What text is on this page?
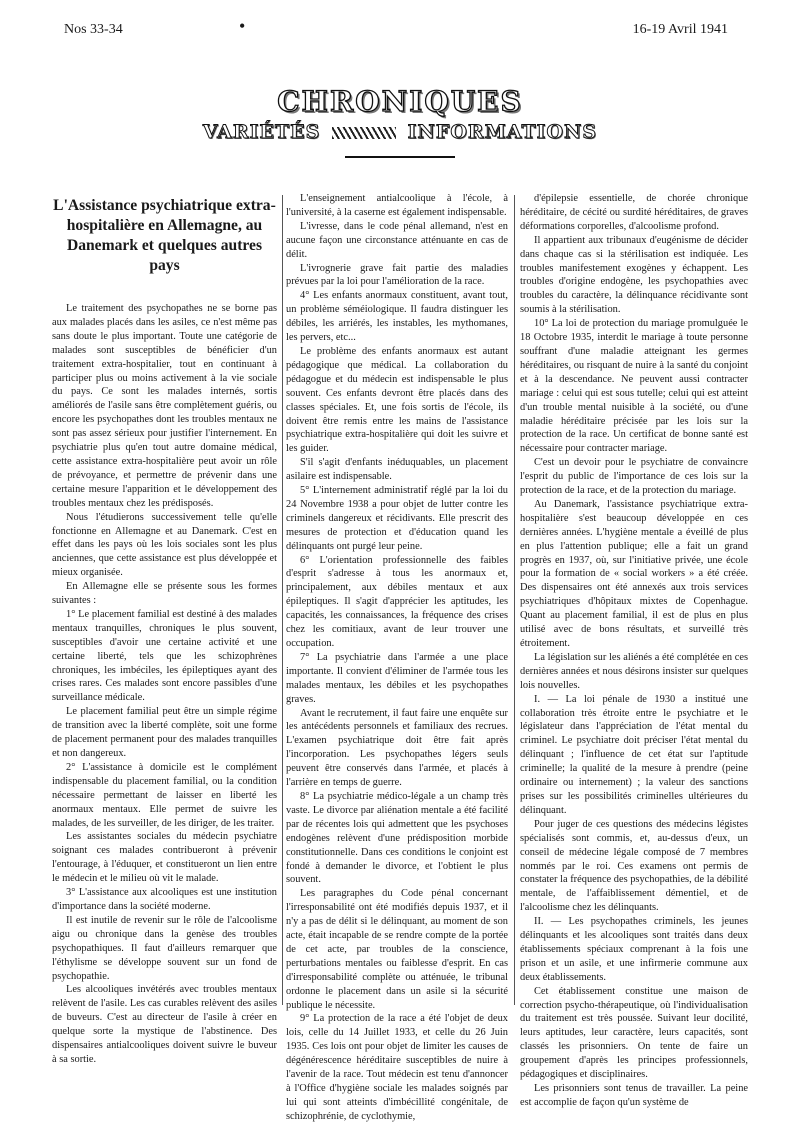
Nos 33-34	•	16-19 Avril 1941
CHRONIQUES
VARIÉTÉS	INFORMATIONS

L'Assistance psychiatrique extra-hospitalière en Allemagne, au Danemark et quelques autres pays

Le traitement des psychopathes ne se borne pas aux malades placés dans les asiles, ce n'est même pas sans doute le plus important. Toute une catégorie de malades sont susceptibles de bénéficier d'un traitement extra-hospitalier, tout en continuant à participer plus ou moins activement à la vie sociale du pays. Ce sont les malades internés, sortis améliorés de l'asile sans être complètement guéris, ou encore les psychopathes dont les troubles mentaux ne sont pas assez sérieux pour justifier l'internement. En psychiatrie plus qu'en tout autre domaine médical, cette assistance extra-hospitalière peut avoir un rôle de prévoyance, et permettre de prévenir dans une certaine mesure l'apparition et le développement des troubles mentaux chez les prédisposés.

Nous l'étudierons successivement telle qu'elle fonctionne en Allemagne et au Danemark. C'est en effet dans les pays où les lois sociales sont les plus anciennes, que cette assistance est plus développée et mieux organisée.

En Allemagne elle se présente sous les formes suivantes :

1° Le placement familial est destiné à des malades mentaux tranquilles, chroniques le plus souvent, susceptibles d'avoir une certaine activité et une certaine liberté, tels que les schizophrènes chroniques, les imbéciles, les épileptiques ayant des crises rares. Ces malades sont encore passibles d'une surveillance médicale.

Le placement familial peut être un simple régime de transition avec la liberté complète, soit une forme de placement permanent pour des malades tranquilles et non dangereux.

2° L'assistance à domicile est le complément indispensable du placement familial, ou la condition nécessaire permettant de laisser en liberté les anormaux mentaux. Elle permet de suivre les malades, de les surveiller, de les diriger, de les traiter.

Les assistantes sociales du médecin psychiatre soignant ces malades contribueront à prévenir l'entourage, à l'éduquer, et constitueront un lien entre le médecin et le milieu où vit le malade.

3° L'assistance aux alcooliques est une institution d'importance dans la société moderne.

Il est inutile de revenir sur le rôle de l'alcoolisme aigu ou chronique dans la genèse des troubles psychopathiques. Il faut d'ailleurs remarquer que l'éthylisme se développe souvent sur un fond de psychopathie.

Les alcooliques invétérés avec troubles mentaux relèvent de l'asile. Les cas curables relèvent des asiles de buveurs. C'est au directeur de l'asile à créer en quelque sorte la mystique de l'abstinence. Des dispensaires antialcooliques doivent suivre le buveur à sa sortie.

L'enseignement antialcoolique à l'école, à l'université, à la caserne est également indispensable.

L'ivresse, dans le code pénal allemand, n'est en aucune façon une circonstance atténuante en cas de délit.

L'ivrognerie grave fait partie des maladies prévues par la loi pour l'amélioration de la race.

4° Les enfants anormaux constituent, avant tout, un problème séméiologique. Il faudra distinguer les débiles, les arriérés, les instables, les mythomanes, les pervers, etc...

Le problème des enfants anormaux est autant pédagogique que médical. La collaboration du pédagogue et du médecin est indispensable le plus souvent. Ces enfants devront être placés dans des classes spéciales. Et, une fois sortis de l'école, ils doivent être remis entre les mains de l'assistance psychiatrique extra-hospitalière qui doit les suivre et les guider.

S'il s'agit d'enfants inéduquables, un placement asilaire est indispensable.

5° L'internement administratif réglé par la loi du 24 Novembre 1938 a pour objet de lutter contre les criminels dangereux et récidivants. Elle prescrit des mesures de protection et d'éducation quand les délinquants ont purgé leur peine.

6° L'orientation professionnelle des faibles d'esprit s'adresse à tous les anormaux et, principalement, aux débiles mentaux et aux épileptiques. Il s'agit d'apprécier les aptitudes, les capacités, les connaissances, la fréquence des crises chez les comitiaux, avant de leur trouver une occupation.

7° La psychiatrie dans l'armée a une place importante. Il convient d'éliminer de l'armée tous les malades mentaux, les débiles et les psychopathes graves.

Avant le recrutement, il faut faire une enquête sur les antécédents personnels et familiaux des recrues. L'examen psychiatrique doit être fait après l'incorporation. Les psychopathes légers seuls peuvent être conservés dans l'armée, et placés à l'arrière en temps de guerre.

8° La psychiatrie médico-légale a un champ très vaste. Le divorce par aliénation mentale a été facilité par de récentes lois qui admettent que les psychoses endogènes relèvent d'une prédisposition morbide constitutionnelle. Dans ces conditions le conjoint est fondé à demander le divorce, et l'obtient le plus souvent.

Les paragraphes du Code pénal concernant l'irresponsabilité ont été modifiés depuis 1937, et il n'y a pas de délit si le délinquant, au moment de son acte, était incapable de se rendre compte de la portée de cet acte, par troubles de la conscience, perturbations mentales ou faiblesse d'esprit. En cas d'irresponsabilité complète ou atténuée, le tribunal ordonne le placement dans un asile si la sécurité publique le nécessite.

9° La protection de la race a été l'objet de deux lois, celle du 14 Juillet 1933, et celle du 26 Juin 1935. Ces lois ont pour objet de limiter les causes de dégénérescence héréditaire susceptibles de nuire à l'avenir de la race. Tout médecin est tenu d'annoncer à l'Office d'hygiène sociale les malades soignés par lui qui sont atteints d'imbécillité congénitale, de schizophrénie, de cyclothymie,

d'épilepsie essentielle, de chorée chronique héréditaire, de cécité ou surdité héréditaires, de graves déformations corporelles, d'alcoolisme profond.

Il appartient aux tribunaux d'eugénisme de décider dans chaque cas si la stérilisation est indiquée. Les troubles manifestement exogènes y échappent. Les troubles d'origine endogène, les psychopathies avec troubles du caractère, la délinquance récidivante sont soumis à la stérilisation.

10° La loi de protection du mariage promulguée le 18 Octobre 1935, interdit le mariage à toute personne souffrant d'une maladie atteignant les germes héréditaires, ou risquant de nuire à la santé du conjoint et à la descendance. Ne peuvent aussi contracter mariage : celui qui est sous tutelle; celui qui est atteint d'un trouble mental nuisible à la société, ou d'une maladie héréditaire précisée par les lois sur la protection de la race. Un certificat de bonne santé est nécessaire pour contracter mariage.

C'est un devoir pour le psychiatre de convaincre l'esprit du public de l'importance de ces lois sur la protection de la race, et de la protection du mariage.

Au Danemark, l'assistance psychiatrique extra-hospitalière s'est beaucoup développée en ces dernières années. L'hygiène mentale a éveillé de plus en plus l'attention publique; elle a fait un grand progrès en 1937, où, sur l'initiative privée, une école pour la formation de « social workers » a été créée. Des dispensaires ont été annexés aux trois services psychiatriques d'hôpitaux mixtes de Copenhague. Quant au placement familial, il est de plus en plus utilisé avec de bons résultats, et surveillé très étroitement.

La législation sur les aliénés a été complétée en ces dernières années et nous désirons insister sur quelques lois nouvelles.

I. — La loi pénale de 1930 a institué une collaboration très étroite entre le psychiatre et le législateur dans l'appréciation de l'état mental du criminel. Le psychiatre doit préciser l'état mental du délinquant ; l'influence de cet état sur l'aptitude criminelle; la qualité de la mesure à prendre (peine ordinaire ou internement) ; la valeur des sanctions prises sur les possibilités criminelles ultérieures du délinquant.

Pour juger de ces questions des médecins légistes spécialisés sont commis, et, au-dessus d'eux, un conseil de médecine légale composé de 7 membres nommés par le roi. Ces examens ont permis de constater la fréquence des psychopathies, de la débilité mentale, de l'affaiblissement démentiel, et de l'alcoolisme chez les délinquants.

II. — Les psychopathes criminels, les jeunes délinquants et les alcooliques sont traités dans deux établissements spéciaux comprenant à la fois une prison et un asile, et une infirmerie commune aux deux établissements.

Cet établissement constitue une maison de correction psycho-thérapeutique, où l'individualisation du traitement est très poussée. Suivant leur docilité, leurs aptitudes, leur caractère, leurs capacités, sont classés les prisonniers. On tente de faire un groupement d'après les principes professionnels, pédagogiques et disciplinaires.

Les prisonniers sont tenus de travailler. La peine est accomplie de façon qu'un système de
